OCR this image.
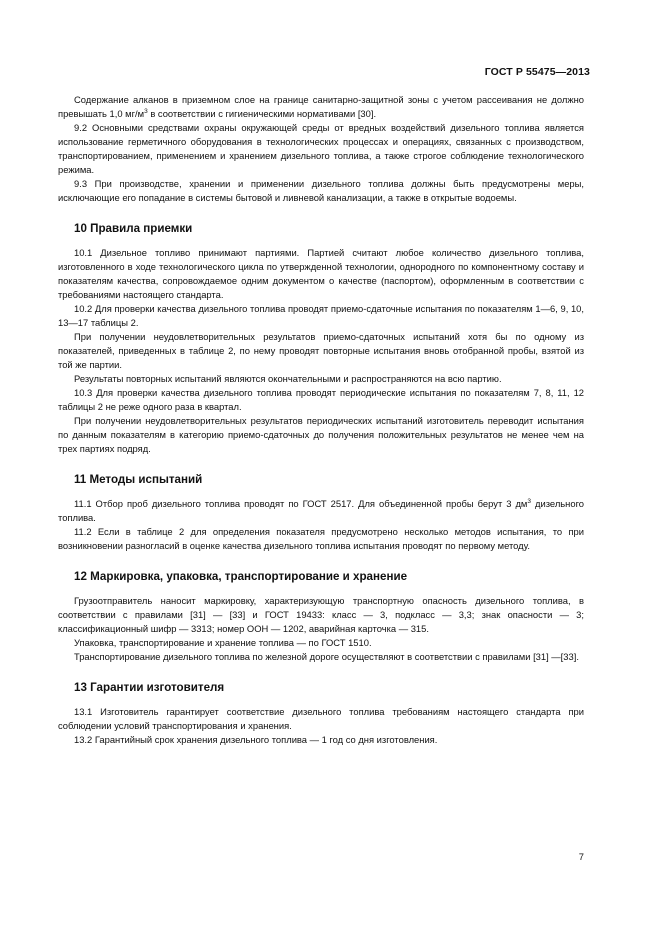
ГОСТ Р 55475—2013

Содержание алканов в приземном слое на границе санитарно-защитной зоны с учетом рассеивания не должно превышать 1,0 $мг/м^3$ в соответствии с гигиеническими нормативами [30].

9.2 Основными средствами охраны окружающей среды от вредных воздействий дизельного топлива является использование герметичного оборудования в технологических процессах и операциях, связанных с производством, транспортированием, применением и хранением дизельного топлива, а также строгое соблюдение технологического режима.

9.3 При производстве, хранении и применении дизельного топлива должны быть предусмотрены меры, исключающие его попадание в системы бытовой и ливневой канализации, а также в открытые водоемы.

10 Правила приемки

10.1 Дизельное топливо принимают партиями. Партией считают любое количество дизельного топлива, изготовленного в ходе технологического цикла по утвержденной технологии, однородного по компонентному составу и показателям качества, сопровождаемое одним документом о качестве (паспортом), оформленным в соответствии с требованиями настоящего стандарта.

10.2 Для проверки качества дизельного топлива проводят приемо-сдаточные испытания по показателям 1—6, 9, 10, 13—17 таблицы 2.

При получении неудовлетворительных результатов приемо-сдаточных испытаний хотя бы по одному из показателей, приведенных в таблице 2, по нему проводят повторные испытания вновь отобранной пробы, взятой из той же партии.

Результаты повторных испытаний являются окончательными и распространяются на всю партию.

10.3 Для проверки качества дизельного топлива проводят периодические испытания по показателям 7, 8, 11, 12 таблицы 2 не реже одного раза в квартал.

При получении неудовлетворительных результатов периодических испытаний изготовитель переводит испытания по данным показателям в категорию приемо-сдаточных до получения положительных результатов не менее чем на трех партиях подряд.

11 Методы испытаний

11.1 Отбор проб дизельного топлива проводят по ГОСТ 2517. Для объединенной пробы берут 3 $дм^3$ дизельного топлива.

11.2 Если в таблице 2 для определения показателя предусмотрено несколько методов испытания, то при возникновении разногласий в оценке качества дизельного топлива испытания проводят по первому методу.

12 Маркировка, упаковка, транспортирование и хранение

Грузоотправитель наносит маркировку, характеризующую транспортную опасность дизельного топлива, в соответствии с правилами [31] — [33] и ГОСТ 19433: класс — 3, подкласс — 3,3; знак опасности — 3; классификационный шифр — 3313; номер ООН — 1202, аварийная карточка — 315.

Упаковка, транспортирование и хранение топлива — по ГОСТ 1510.

Транспортирование дизельного топлива по железной дороге осуществляют в соответствии с правилами [31] —[33].

13 Гарантии изготовителя

13.1 Изготовитель гарантирует соответствие дизельного топлива требованиям настоящего стандарта при соблюдении условий транспортирования и хранения.

13.2 Гарантийный срок хранения дизельного топлива — 1 год со дня изготовления.

7
